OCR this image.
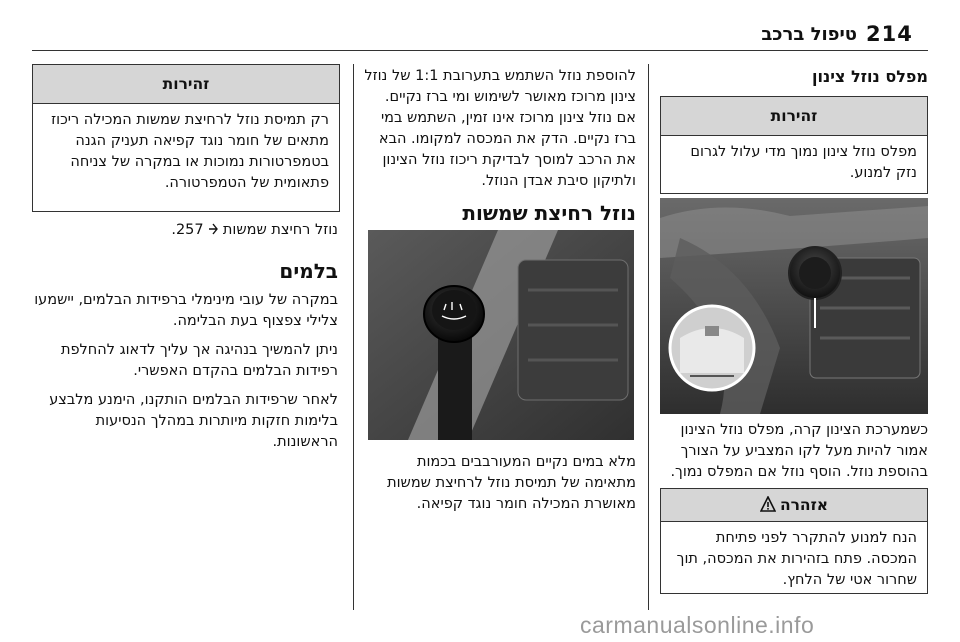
טיפול ברכב 214
מפלס נוזל צינון
זהירות
מפלס נוזל צינון נמוך מדי עלול לגרום נזק למנוע.
כשמערכת הצינון קרה, מפלס נוזל הצינון אמור להיות מעל לקו המצביע על הצורך בהוספת נוזל. הוסף נוזל אם המפלס נמוך.
אזהרה
הנח למנוע להתקרר לפני פתיחת המכסה. פתח בזהירות את המכסה, תוך שחרור אטי של הלחץ.
להוספת נוזל השתמש בתערובת 1:1 של נוזל צינון מרוכז מאושר לשימוש ומי ברז נקיים. אם נוזל צינון מרוכז אינו זמין, השתמש במי ברז נקיים. הדק את המכסה למקומו. הבא את הרכב למוסך לבדיקת ריכוז נוזל הצינון ולתיקון סיבת אבדן הנוזל.
נוזל רחיצת שמשות
מלא במים נקיים המעורבבים בכמות מתאימה של תמיסת נוזל לרחיצת שמשות מאושרת המכילה חומר נוגד קפיאה.
זהירות
רק תמיסת נוזל לרחיצת שמשות המכילה ריכוז מתאים של חומר נוגד קפיאה תעניק הגנה בטמפרטורות נמוכות או במקרה של צניחה פתאומית של הטמפרטורה.
נוזל רחיצת שמשות  257.
בלמים

במקרה של עובי מינימלי ברפידות הבלמים, יישמעו צלילי צפצוף בעת הבלימה.

ניתן להמשיך בנהיגה אך עליך לדאוג להחלפת רפידות הבלמים בהקדם האפשרי.

לאחר שרפידות הבלמים הותקנו, הימנע מלבצע בלימות חזקות מיותרות במהלך הנסיעות הראשונות.

carmanualsonline.info
